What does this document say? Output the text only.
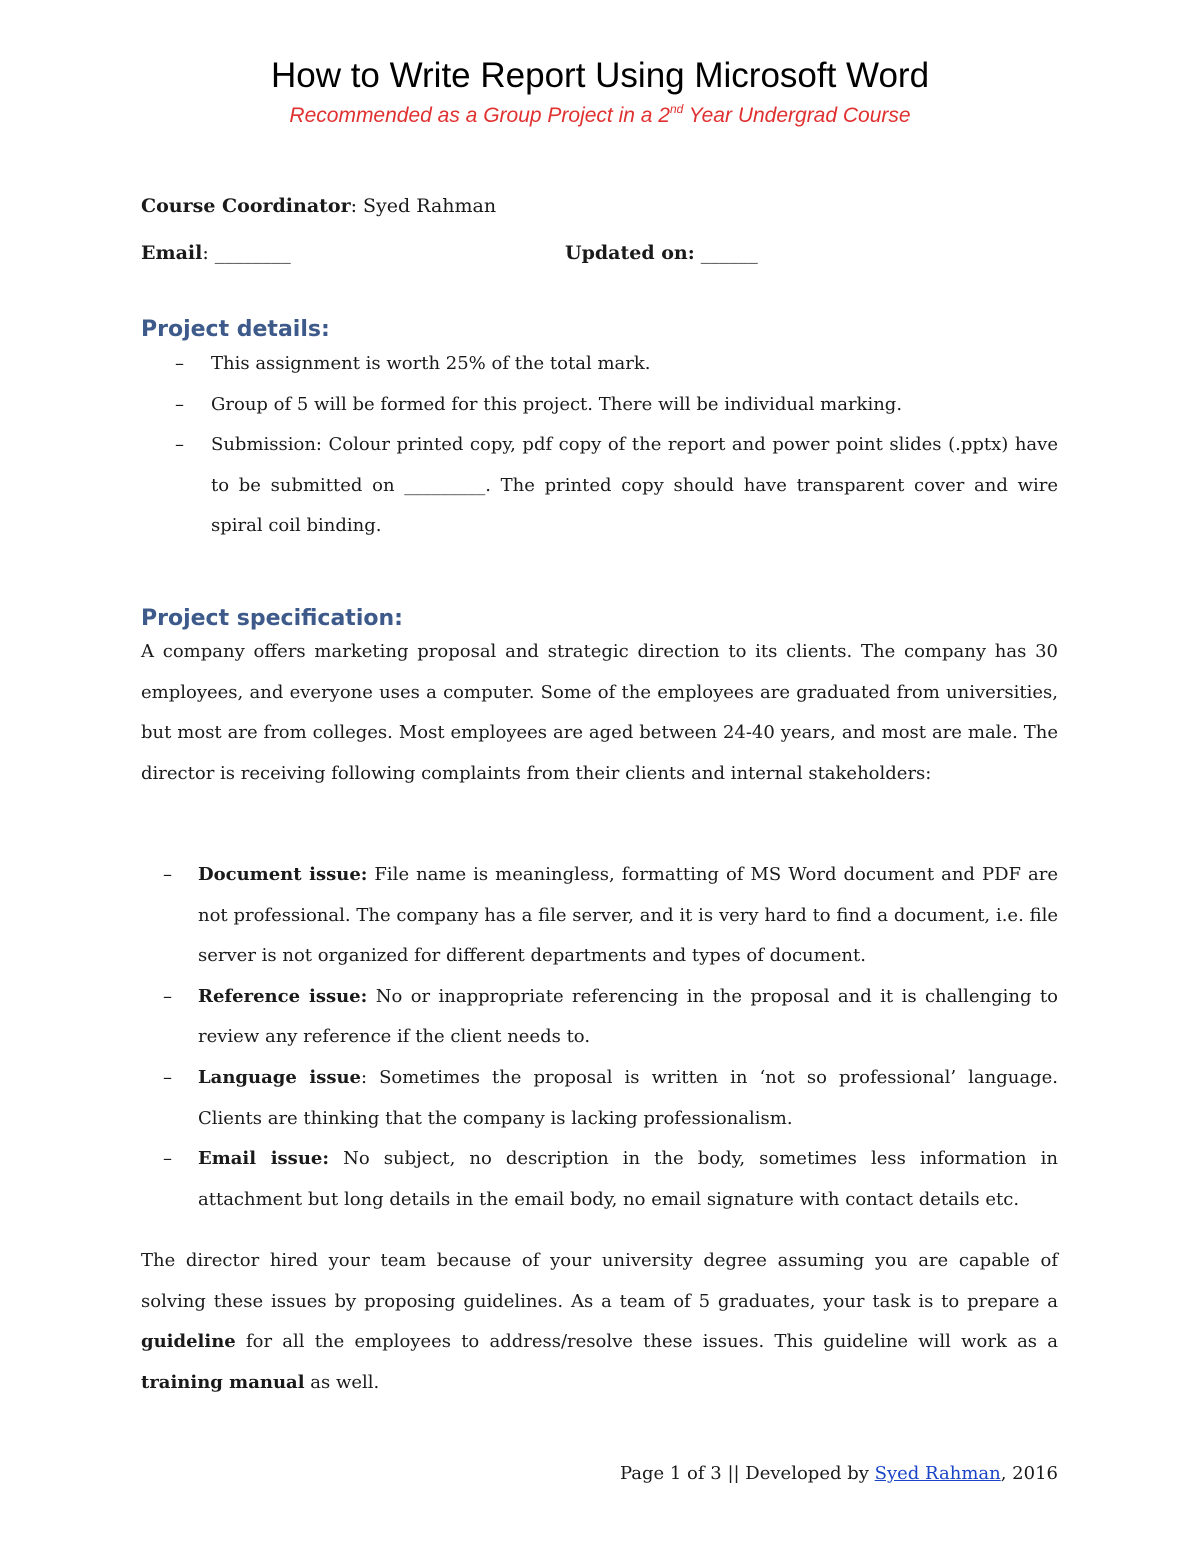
How to Write Report Using Microsoft Word
Recommended as a Group Project in a 2nd Year Undergrad Course
Course Coordinator: Syed Rahman
Email: ________	Updated on: ______
Project details:
– This assignment is worth 25% of the total mark.
– Group of 5 will be formed for this project. There will be individual marking.
– Submission: Colour printed copy, pdf copy of the report and power point slides (.pptx) have to be submitted on _________. The printed copy should have transparent cover and wire spiral coil binding.
Project specification:

A company offers marketing proposal and strategic direction to its clients. The company has 30 employees, and everyone uses a computer. Some of the employees are graduated from universities, but most are from colleges. Most employees are aged between 24-40 years, and most are male. The director is receiving following complaints from their clients and internal stakeholders:

– Document issue: File name is meaningless, formatting of MS Word document and PDF are not professional. The company has a file server, and it is very hard to find a document, i.e. file server is not organized for different departments and types of document.
– Reference issue: No or inappropriate referencing in the proposal and it is challenging to review any reference if the client needs to.
– Language issue: Sometimes the proposal is written in ‘not so professional’ language. Clients are thinking that the company is lacking professionalism.
– Email issue: No subject, no description in the body, sometimes less information in attachment but long details in the email body, no email signature with contact details etc.

The director hired your team because of your university degree assuming you are capable of solving these issues by proposing guidelines. As a team of 5 graduates, your task is to prepare a guideline for all the employees to address/resolve these issues. This guideline will work as a training manual as well.

Page 1 of 3 || Developed by Syed Rahman, 2016
